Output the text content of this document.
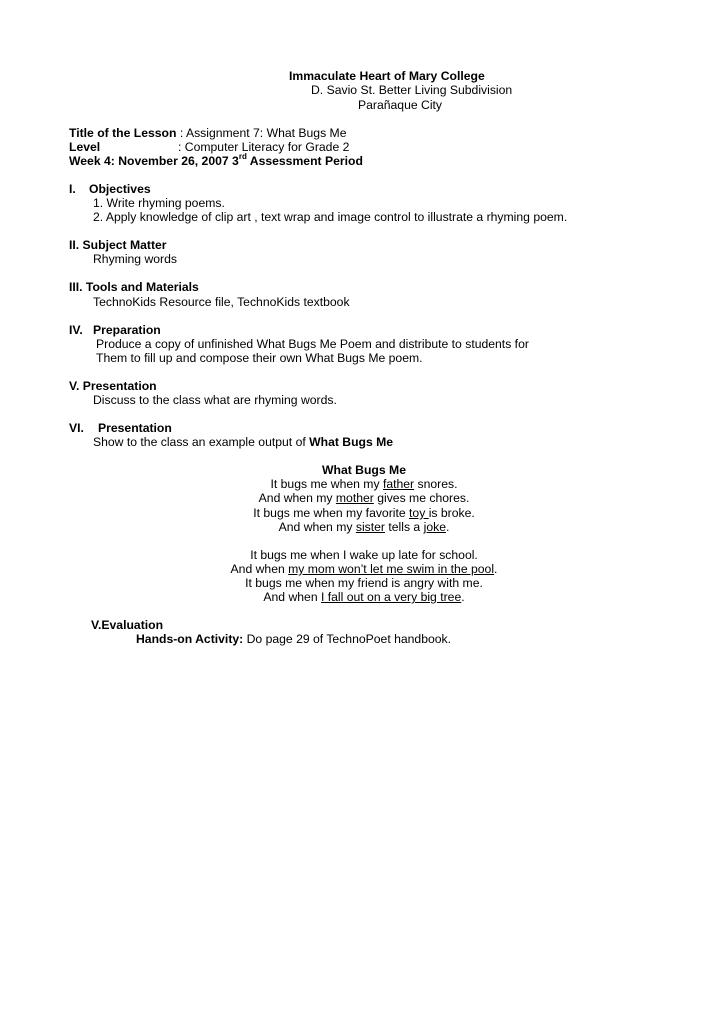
Immaculate Heart of Mary College
D. Savio St. Better Living Subdivision
Parañaque City
Title of the Lesson : Assignment 7: What Bugs Me
Level	: Computer Literacy for Grade 2
Week 4: November 26, 2007 3rd Assessment Period
I. Objectives
1. Write rhyming poems.
2. Apply knowledge of clip art , text wrap and image control to illustrate a rhyming poem.
II. Subject Matter
Rhyming words
III. Tools and Materials
TechnoKids Resource file, TechnoKids textbook
IV. Preparation
Produce a copy of unfinished What Bugs Me Poem and distribute to students for
Them to fill up and compose their own What Bugs Me poem.
V. Presentation
Discuss to the class what are rhyming words.
VI. Presentation
Show to the class an example output of What Bugs Me
What Bugs Me
It bugs me when my father snores.
And when my mother gives me chores.
It bugs me when my favorite toy is broke.
And when my sister tells a joke.
It bugs me when I wake up late for school.
And when my mom won’t let me swim in the pool.
It bugs me when my friend is angry with me.
And when I fall out on a very big tree.
V.Evaluation
Hands-on Activity: Do page 29 of TechnoPoet handbook.
